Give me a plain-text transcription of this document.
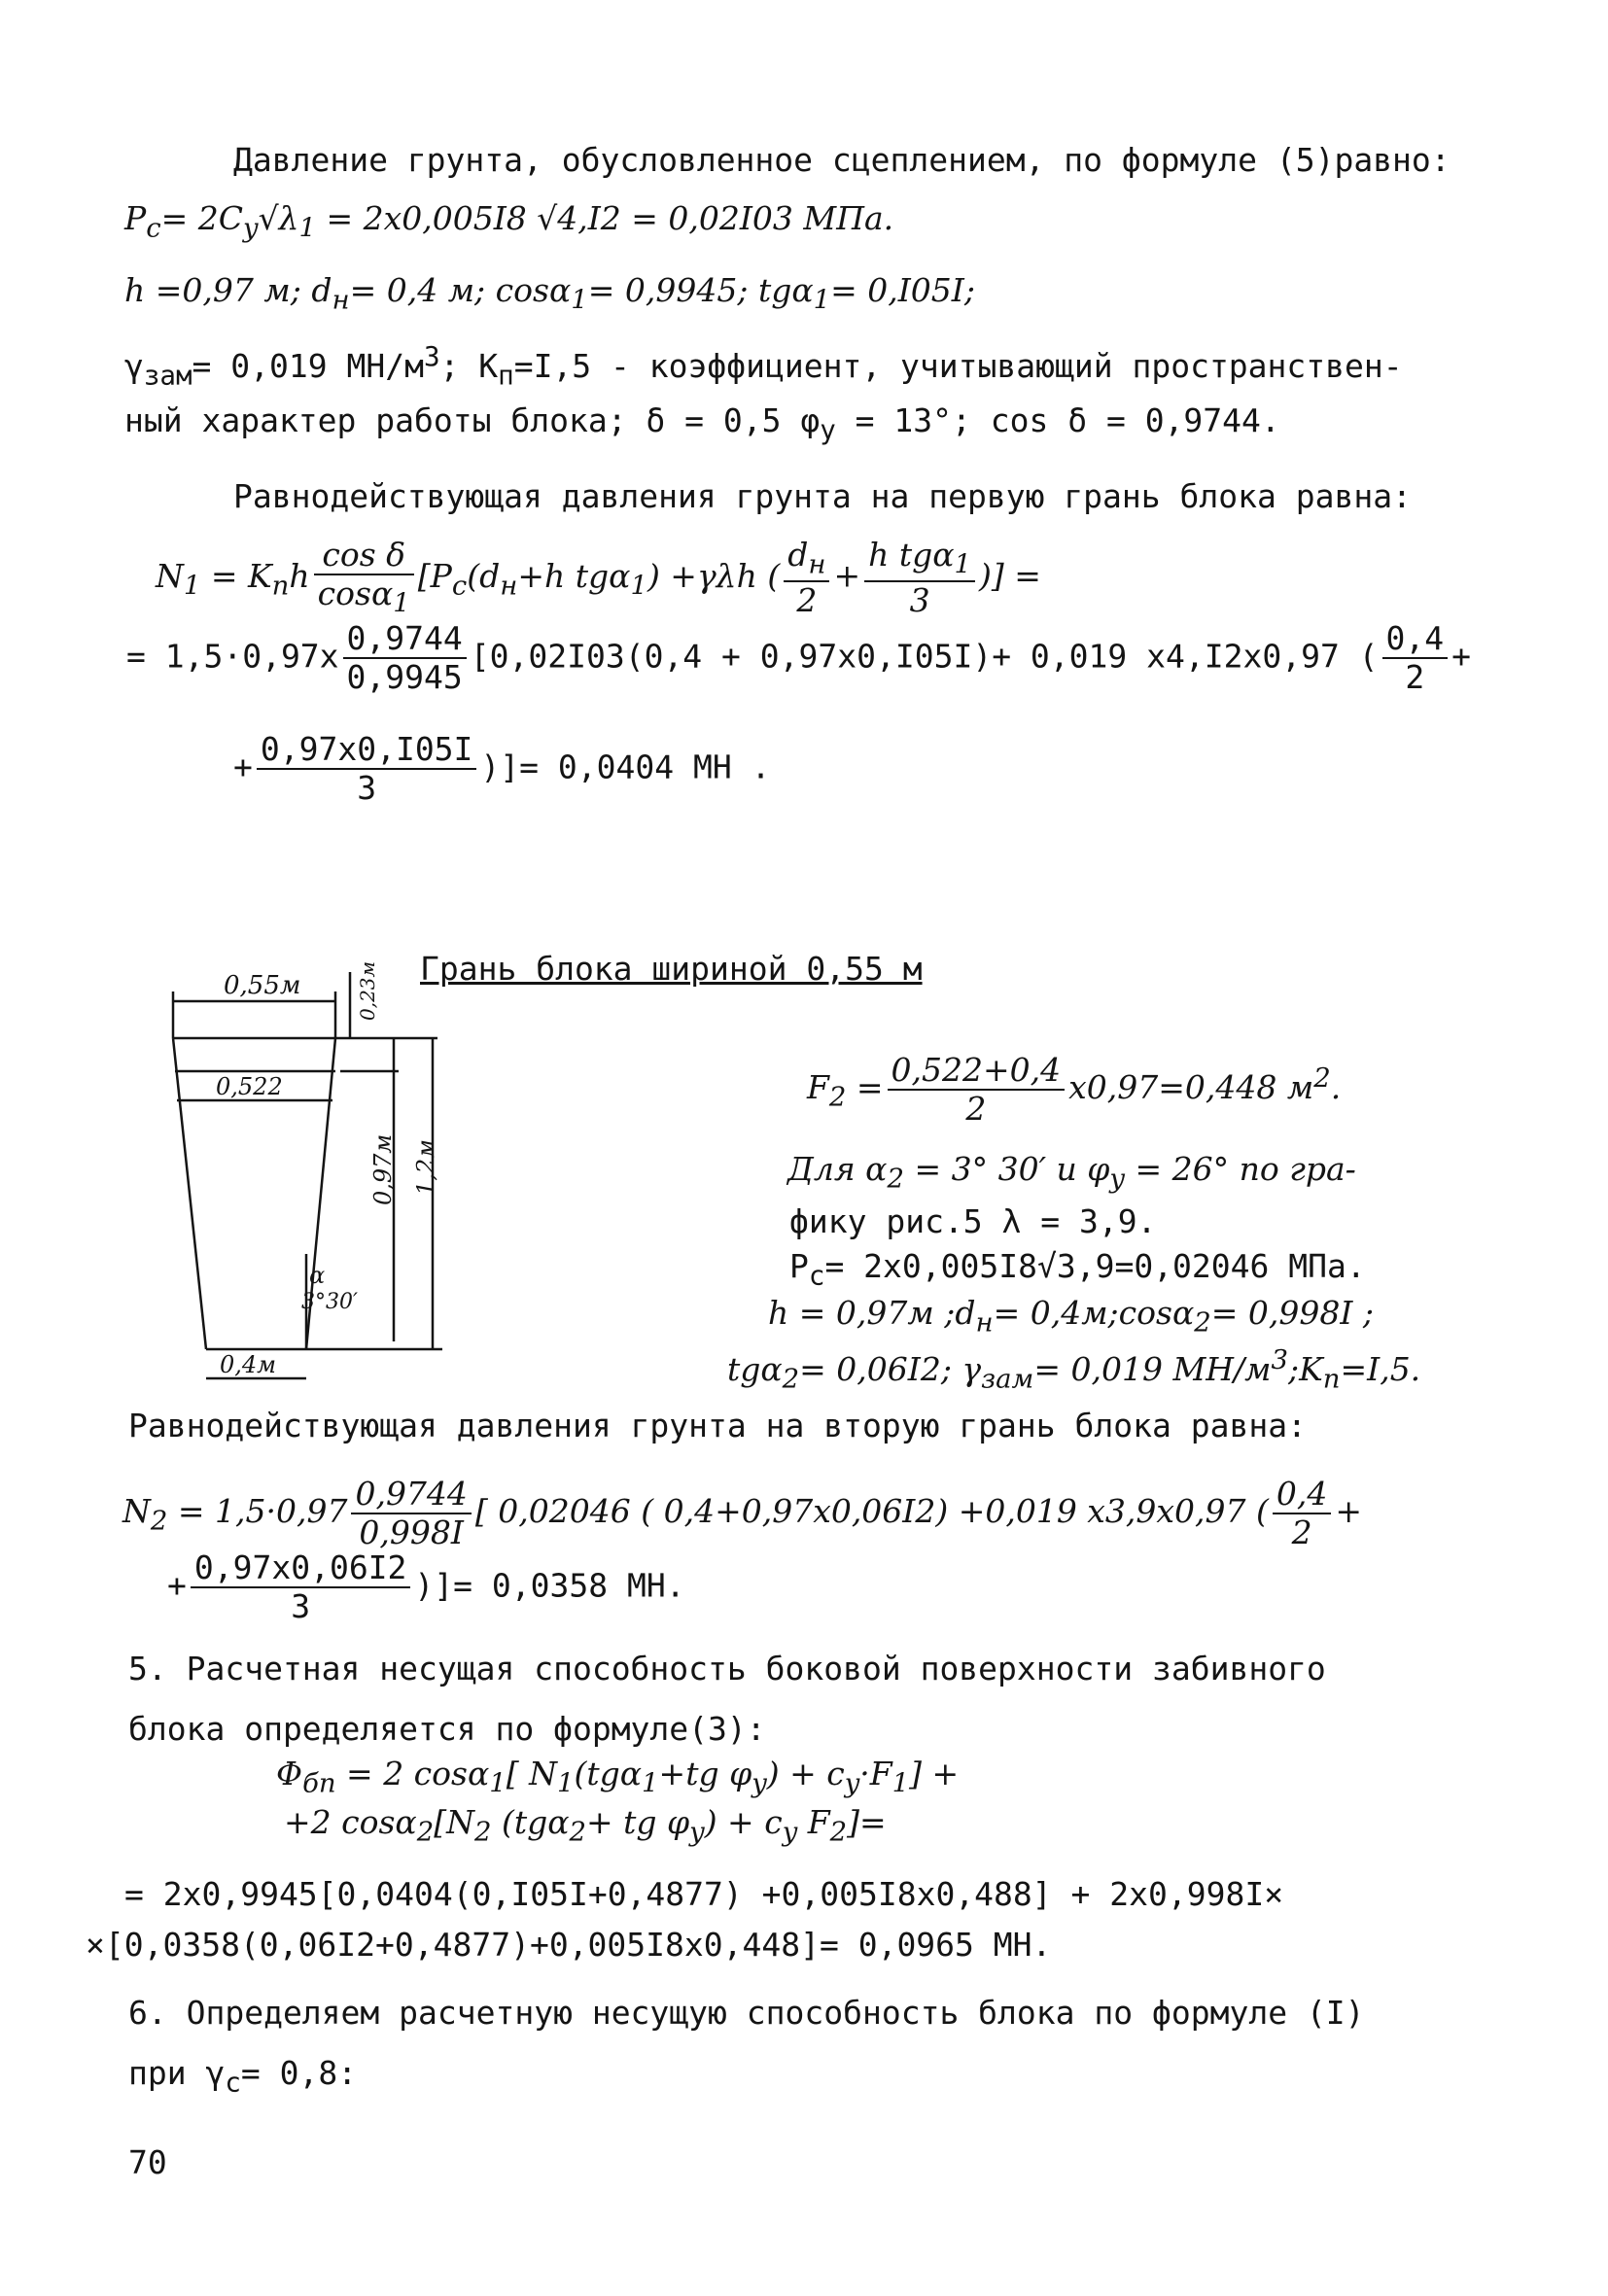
Давление грунта, обусловленное сцеплением, по формуле (5)равно:
$P_c= 2C_y√\lambda_1 = 2x0,005I8$ √4,I2 = 0,02I03 МПа.
h =0,97 м; $d_н= 0,4$ м; cosα$_1$= 0,9945; tgα$_1$= 0,I05I;
$\gamma_{зам}= 0,019$ $МН/м^3$; $K_п=I,5$ - коэффициент, учитывающий пространствен-
ный характер работы блока; δ = 0,5 $\varphi_y = 13^\circ$; cos δ = 0,9744.
Равнодействующая давления грунта на первую грань блока равна:
$N_1 = K_пh \frac{\text{cos δ}}{\cos\alpha_1} [P_c(d_н+h$ tgα$_1$) +γλh ( $\frac{d_н}{2} + \frac{h tg\alpha_1}{3}$ )] =
= $1,5\cdot 0,97x \frac{0,9744}{0,9945} [0,02I03(0,4 + 0,97x0,I05I)+ 0,019$ x4,I2x0,97 ( $\frac{0,4}{2}$ +
+ $\frac{0,97x0,I05I}{3}$ )]= 0,0404 МН .
Грань блока шириной 0,55 м
0,55м	0,23м
0,522
0,97м 1,2м
α
3°30′
0,4м
$F_2 = \frac{0,522+0,4}{2} x0,97=0,448$ $м^2$.
Для $\alpha_2 = 3^\circ$ 30′ и $\varphi_y = 26^\circ$ по гра-
фику рис.5 λ = 3,9.
$P_c= 2x0,005I8√3,9=0,02046$ МПа.
h = 0,97м $;d_н=$ 0,4м;cosα$_2$= 0,998I ;
tgα$_2$= 0,06I2; $\gamma_{зам}= 0,019$ $МН/м^3;K_п=I,5$.
Равнодействующая давления грунта на вторую грань блока равна:
$N_2 = 1,5\cdot 0,97 \frac{0,9744}{0,998I}$ [ 0,02046 ( 0,4+0,97x0,06I2) +0,019 x3,9x0,97 ( $\frac{0,4}{2}$ +
+ $\frac{0,97x0,06I2}{3}$ )]= 0,0358 МН.
5. Расчетная несущая способность боковой поверхности забивного
блока определяется по формуле(3):
$\Phi_{бп} = 2$ cosα$_1$[ $N_1(tg\alpha_1+tg$ $\varphi_y) + c_y\cdot F_1$] +
+2 $\cos\alpha_2[N_2$ (tgα$_2$+ tg $\varphi_y) + c_y$ $F_2]=$
= 2x0,9945[0,0404(0,I05I+0,4877) +0,005I8x0,488] + 2x0,998I×
×[0,0358(0,06I2+0,4877)+0,005I8x0,448]= 0,0965 МН.
6. Определяем расчетную несущую способность блока по формуле (I)
при $\gamma_с= 0,8$:
70
